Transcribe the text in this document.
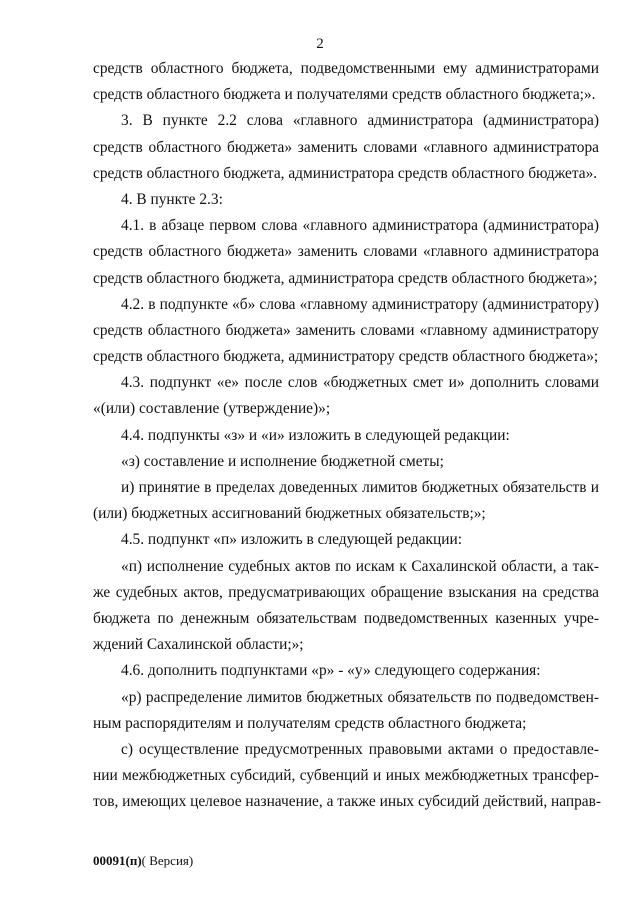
2
средств областного бюджета, подведомственными ему администраторами
средств областного бюджета и получателями средств областного бюджета;».
3. В пункте 2.2 слова «главного администратора (администратора)
средств областного бюджета» заменить словами «главного администратора
средств областного бюджета, администратора средств областного бюджета».
4. В пункте 2.3:
4.1. в абзаце первом слова «главного администратора (администратора)
средств областного бюджета» заменить словами «главного администратора
средств областного бюджета, администратора средств областного бюджета»;
4.2. в подпункте «б» слова «главному администратору (администратору)
средств областного бюджета» заменить словами «главному администратору
средств областного бюджета, администратору средств областного бюджета»;
4.3. подпункт «е» после слов «бюджетных смет и» дополнить словами
«(или) составление (утверждение)»;
4.4. подпункты «з» и «и» изложить в следующей редакции:
«з) составление и исполнение бюджетной сметы;
и) принятие в пределах доведенных лимитов бюджетных обязательств и
(или) бюджетных ассигнований бюджетных обязательств;»;
4.5. подпункт «п» изложить в следующей редакции:
«п) исполнение судебных актов по искам к Сахалинской области, а так-
же судебных актов, предусматривающих обращение взыскания на средства
бюджета по денежным обязательствам подведомственных казенных учре-
ждений Сахалинской области;»;
4.6. дополнить подпунктами «р» - «у» следующего содержания:
«р) распределение лимитов бюджетных обязательств по подведомствен-
ным распорядителям и получателям средств областного бюджета;
с) осуществление предусмотренных правовыми актами о предоставле-
нии межбюджетных субсидий, субвенций и иных межбюджетных трансфер-
тов, имеющих целевое назначение, а также иных субсидий действий, направ-
00091(п)( Версия)
